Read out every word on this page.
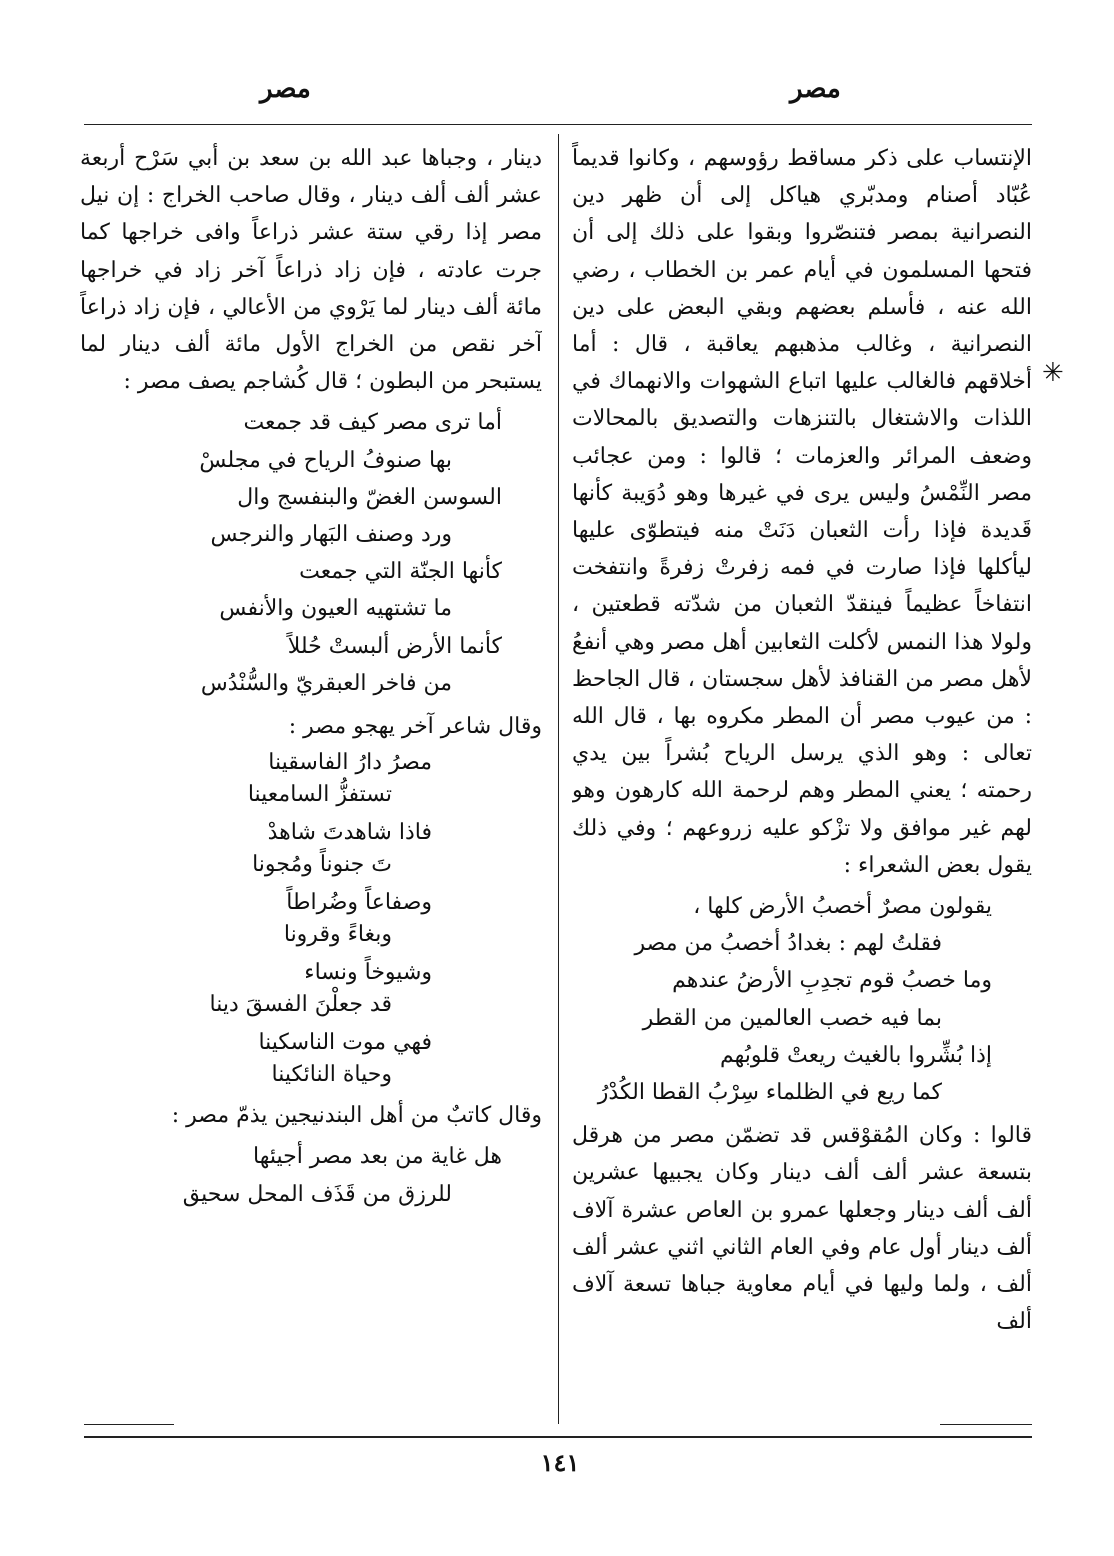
مصر
مصر

الإنتساب على ذكر مساقط رؤوسهم ، وكانوا قديماً عُبّاد أصنام ومدبّري هياكل إلى أن ظهر دين النصرانية بمصر فتنصّروا وبقوا على ذلك إلى أن فتحها المسلمون في أيام عمر بن الخطاب ، رضي الله عنه ، فأسلم بعضهم وبقي البعض على دين النصرانية ، وغالب مذهبهم يعاقبة ، قال : أما أخلاقهم فالغالب عليها اتباع الشهوات والانهماك في اللذات والاشتغال بالتنزهات والتصديق بالمحالات وضعف المرائر والعزمات ؛ قالوا : ومن عجائب مصر النِّمْسُ وليس يرى في غيرها وهو دُوَيبة كأنها قَديدة فإذا رأت الثعبان دَنَتْ منه فيتطوّى عليها ليأكلها فإذا صارت في فمه زفرتْ زفرةً وانتفخت انتفاخاً عظيماً فينقدّ الثعبان من شدّته قطعتين ، ولولا هذا النمس لأكلت الثعابين أهل مصر وهي أنفعُ لأهل مصر من القنافذ لأهل سجستان ، قال الجاحظ : من عيوب مصر أن المطر مكروه بها ، قال الله تعالى : وهو الذي يرسل الرياح بُشراً بين يدي رحمته ؛ يعني المطر وهم لرحمة الله كارهون وهو لهم غير موافق ولا تزْكو عليه زروعهم ؛ وفي ذلك يقول بعض الشعراء :

يقولون مصرٌ أخصبُ الأرض كلها ،
فقلتُ لهم : بغدادُ أخصبُ من مصر
وما خصبُ قوم تجدِبِ الأرضُ عندهم
بما فيه خصب العالمين من القطر
إذا بُشِّروا بالغيث ريعتْ قلوبُهم
كما ريع في الظلماء سِرْبُ القطا الكُدْرُ

قالوا : وكان المُقوْقس قد تضمّن مصر من هرقل بتسعة عشر ألف ألف دينار وكان يجبيها عشرين ألف ألف دينار وجعلها عمرو بن العاص عشرة آلاف ألف دينار أول عام وفي العام الثاني اثني عشر ألف ألف ، ولما وليها في أيام معاوية جباها تسعة آلاف ألف

✳

دينار ، وجباها عبد الله بن سعد بن أبي سَرْح أربعة عشر ألف ألف دينار ، وقال صاحب الخراج : إن نيل مصر إذا رقي ستة عشر ذراعاً وافى خراجها كما جرت عادته ، فإن زاد ذراعاً آخر زاد في خراجها مائة ألف دينار لما يَرْوي من الأعالي ، فإن زاد ذراعاً آخر نقص من الخراج الأول مائة ألف دينار لما يستبحر من البطون ؛ قال كُشاجم يصف مصر :

أما ترى مصر كيف قد جمعت
بها صنوفُ الرياح في مجلسْ
السوسن الغضّ والبنفسج وال
ورد وصنف البَهار والنرجس
كأنها الجنّة التي جمعت
ما تشتهيه العيون والأنفس
كأنما الأرض ألبستْ حُللاً
من فاخر العبقريّ والسُّنْدُس

وقال شاعر آخر يهجو مصر :

مصرُ دارُ الفاسقينا
تستفزُّ السامعينا
فاذا شاهدتَ شاهدْ
تَ جنوناً ومُجونا
وصفاعاً وضُراطاً
وبغاءً وقرونا
وشيوخاً ونساء
قد جعلْنَ الفسقَ دينا
فهي موت الناسكينا
وحياة النائكينا

وقال كاتبٌ من أهل البندنيجين يذمّ مصر :

هل غاية من بعد مصر أجيئها
للرزق من قَذَف المحل سحيق
١٤١
